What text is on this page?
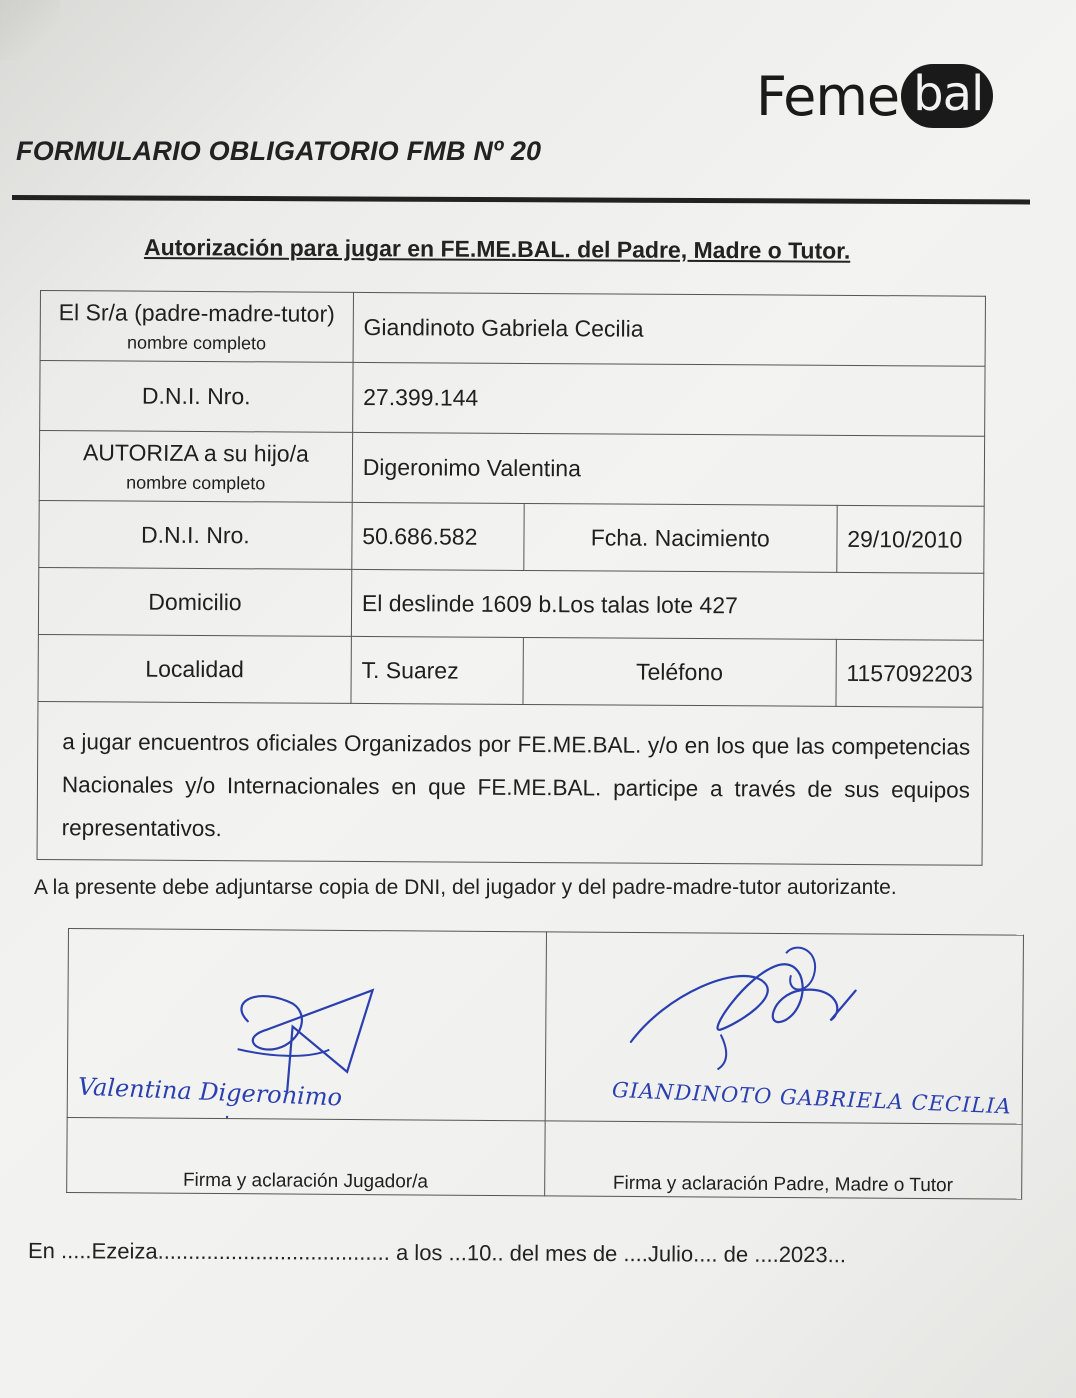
Feme bal
FORMULARIO OBLIGATORIO FMB Nº 20
Autorización para jugar en FE.ME.BAL. del Padre, Madre o Tutor.
El Sr/a (padre-madre-tutor)
nombre completo	Giandinoto Gabriela Cecilia		
D.N.I. Nro.	27.399.144		
AUTORIZA a su hijo/a
nombre completo	Digeronimo Valentina		
D.N.I. Nro.	50.686.582	Fcha. Nacimiento	29/10/2010
Domicilio	El deslinde 1609 b.Los talas lote 427		
Localidad	T. Suarez	Teléfono	1157092203
a jugar encuentros oficiales Organizados por FE.ME.BAL. y/o en los que las competencias Nacionales y/o Internacionales en que FE.ME.BAL. participe a través de sus equipos representativos.			
A la presente debe adjuntarse copia de DNI, del jugador y del padre-madre-tutor autorizante.
Valentina Digeronimo	GIANDINOTO GABRIELA CECILIA

Firma y aclaración Jugador/a	Firma y aclaración Padre, Madre o Tutor
En .....Ezeiza...................................... a los ...10.. del mes de ....Julio.... de ....2023...
